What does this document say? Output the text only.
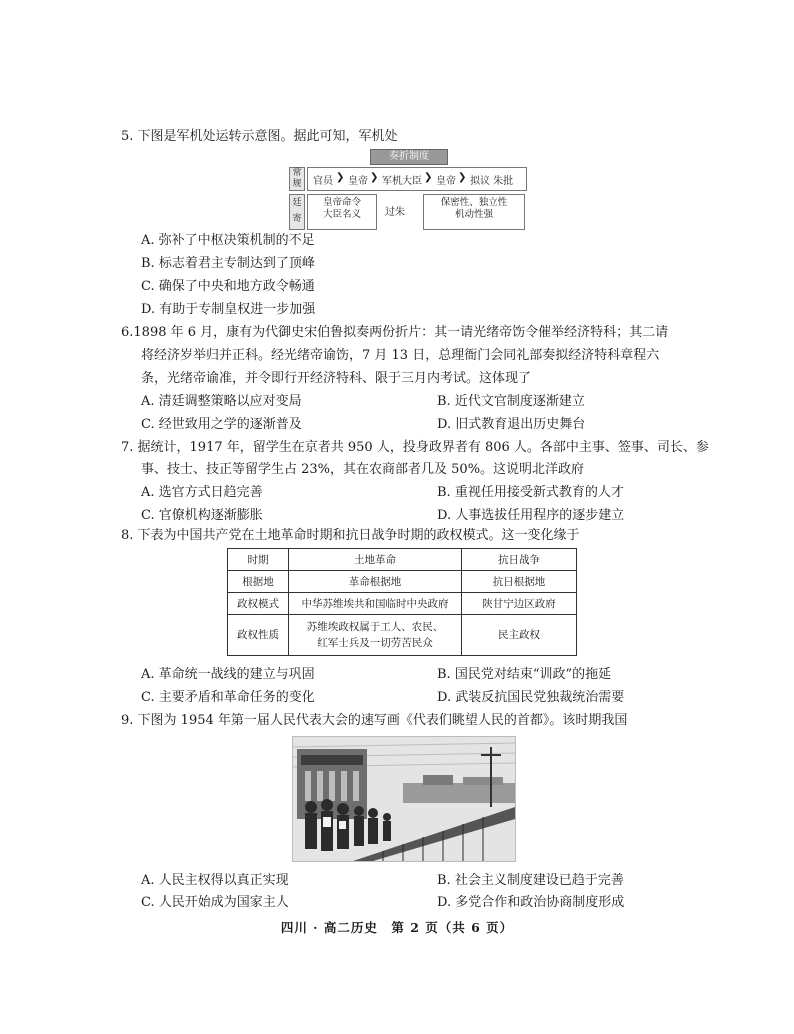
5. 下图是军机处运转示意图。据此可知，军机处
奏折制度
常规	官员 ❯ 皇帝 ❯ 军机大臣 ❯ 皇帝 ❯ 拟议 朱批
廷寄
皇帝命令
大臣名义	过朱
保密性、独立性
机动性强
A. 弥补了中枢决策机制的不足
B. 标志着君主专制达到了顶峰
C. 确保了中央和地方政令畅通
D. 有助于专制皇权进一步加强
6.1898 年 6 月，康有为代御史宋伯鲁拟奏两份折片：其一请光绪帝饬令催举经济特科；其二请
将经济岁举归并正科。经光绪帝谕饬，7 月 13 日，总理衙门会同礼部奏拟经济特科章程六
条，光绪帝谕准，并令即行开经济特科、限于三月内考试。这体现了
A. 清廷调整策略以应对变局	B. 近代文官制度逐渐建立
C. 经世致用之学的逐渐普及	D. 旧式教育退出历史舞台
7. 据统计，1917 年，留学生在京者共 950 人，投身政界者有 806 人。各部中主事、签事、司长、参
事、技士、技正等留学生占 23%，其在农商部者几及 50%。这说明北洋政府
A. 选官方式日趋完善	B. 重视任用接受新式教育的人才
C. 官僚机构逐渐膨胀	D. 人事选拔任用程序的逐步建立
8. 下表为中国共产党在土地革命时期和抗日战争时期的政权模式。这一变化缘于
时期	土地革命	抗日战争
根据地	革命根据地	抗日根据地
政权模式	中华苏维埃共和国临时中央政府	陕甘宁边区政府
政权性质	苏维埃政权属于工人、农民、
红军士兵及一切劳苦民众	民主政权
A. 革命统一战线的建立与巩固	B. 国民党对结束“训政”的拖延
C. 主要矛盾和革命任务的变化	D. 武装反抗国民党独裁统治需要
9. 下图为 1954 年第一届人民代表大会的速写画《代表们眺望人民的首都》。该时期我国
A. 人民主权得以真正实现	B. 社会主义制度建设已趋于完善
C. 人民开始成为国家主人	D. 多党合作和政治协商制度形成
四川 · 高二历史　第 2 页（共 6 页）
